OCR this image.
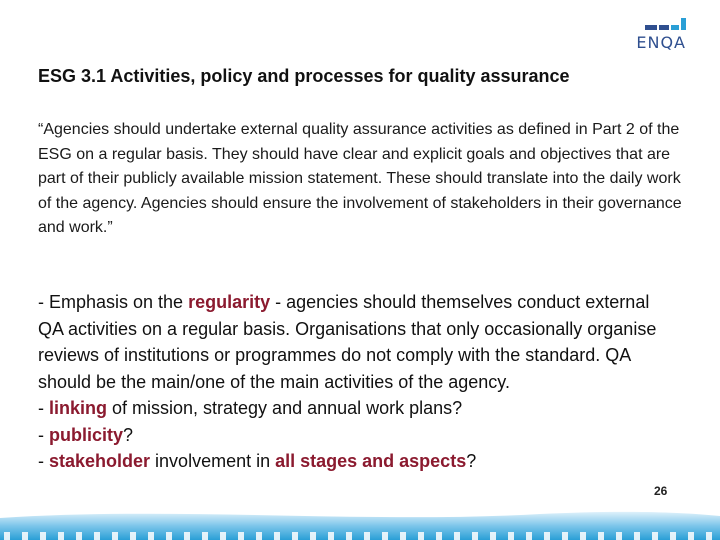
ENQA
ESG 3.1 Activities, policy and processes for quality assurance
“Agencies should undertake external quality assurance activities as defined in Part 2 of the ESG on a regular basis. They should have clear and explicit goals and objectives that are part of their publicly available mission statement. These should translate into the daily work of the agency. Agencies should ensure the involvement of stakeholders in their governance and work.”
- Emphasis on the regularity - agencies should themselves conduct external QA activities on a regular basis. Organisations that only occasionally organise reviews of institutions or programmes do not comply with the standard. QA should be the main/one of the main activities of the agency.
- linking of mission, strategy and annual work plans?
- publicity?
- stakeholder involvement in all stages and aspects?
26
